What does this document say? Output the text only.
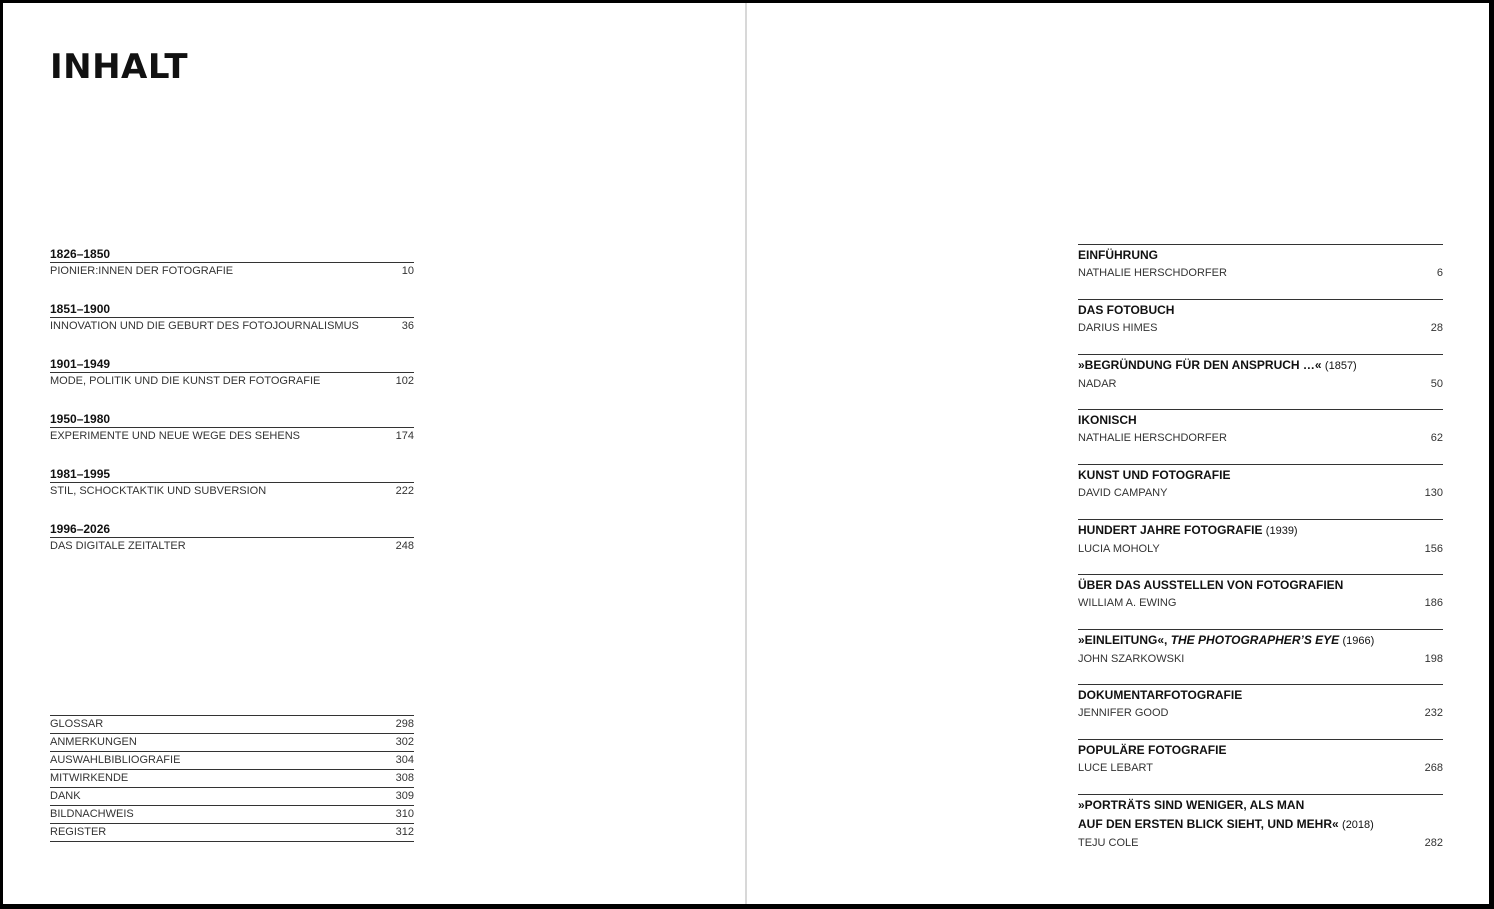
INHALT
1826–1850
PIONIER:INNEN DER FOTOGRAFIE	10
1851–1900
INNOVATION UND DIE GEBURT DES FOTOJOURNALISMUS	36
1901–1949
MODE, POLITIK UND DIE KUNST DER FOTOGRAFIE	102
1950–1980
EXPERIMENTE UND NEUE WEGE DES SEHENS	174
1981–1995
STIL, SCHOCKTAKTIK UND SUBVERSION	222
1996–2026
DAS DIGITALE ZEITALTER	248
GLOSSAR	298
ANMERKUNGEN	302
AUSWAHLBIBLIOGRAFIE	304
MITWIRKENDE	308
DANK	309
BILDNACHWEIS	310
REGISTER	312
EINFÜHRUNG
NATHALIE HERSCHDORFER	6
DAS FOTOBUCH
DARIUS HIMES	28
»BEGRÜNDUNG FÜR DEN ANSPRUCH …« (1857)
NADAR	50
IKONISCH
NATHALIE HERSCHDORFER	62
KUNST UND FOTOGRAFIE
DAVID CAMPANY	130
HUNDERT JAHRE FOTOGRAFIE (1939)
LUCIA MOHOLY	156
ÜBER DAS AUSSTELLEN VON FOTOGRAFIEN
WILLIAM A. EWING	186
»EINLEITUNG«, THE PHOTOGRAPHER’S EYE (1966)
JOHN SZARKOWSKI	198
DOKUMENTARFOTOGRAFIE
JENNIFER GOOD	232
POPULÄRE FOTOGRAFIE
LUCE LEBART	268
»PORTRÄTS SIND WENIGER, ALS MAN
AUF DEN ERSTEN BLICK SIEHT, UND MEHR« (2018)
TEJU COLE	282
